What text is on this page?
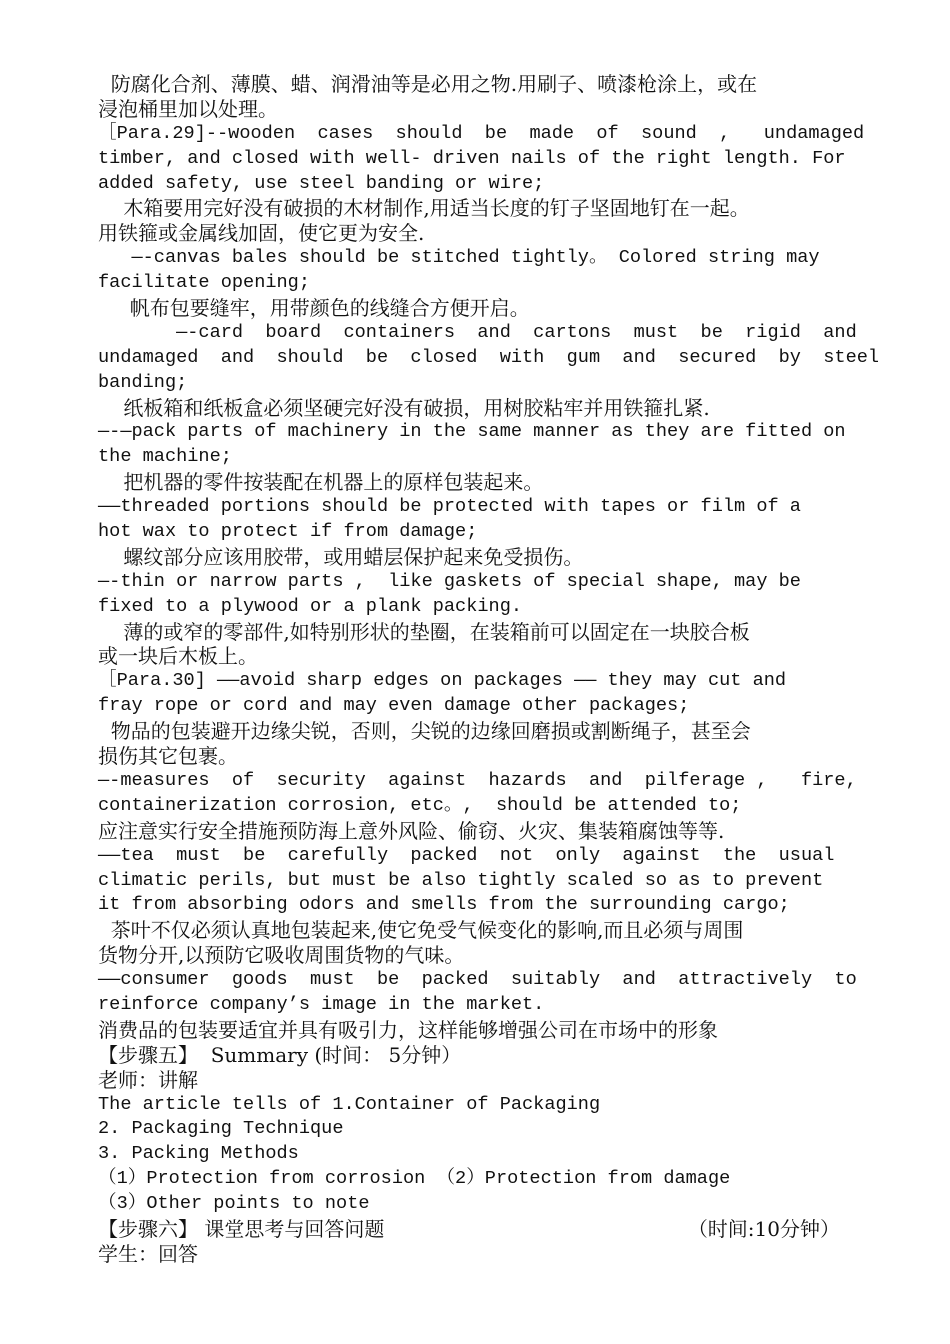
防腐化合剂、薄膜、蜡、润滑油等是必用之物.用刷子、喷漆枪涂上，或在
浸泡桶里加以处理。
［Para.29]--wooden  cases  should  be  made  of  sound  ,   undamaged
timber, and closed with well- driven nails of the right length. For
added safety, use steel banding or wire;
木箱要用完好没有破损的木材制作,用适当长度的钉子坚固地钉在一起。
用铁箍或金属线加固，使它更为安全.
—-canvas bales should be stitched tightly。 Colored string may
facilitate opening;
帆布包要缝牢，用带颜色的线缝合方便开启。
—-card  board  containers  and  cartons  must  be  rigid  and
undamaged  and  should  be  closed  with  gum  and  secured  by  steel
banding;
纸板箱和纸板盒必须坚硬完好没有破损，用树胶粘牢并用铁箍扎紧.
—-—pack parts of machinery in the same manner as they are fitted on
the machine;
把机器的零件按装配在机器上的原样包装起来。
——threaded portions should be protected with tapes or film of a
hot wax to protect if from damage;
螺纹部分应该用胶带，或用蜡层保护起来免受损伤。
—-thin or narrow parts ,  like gaskets of special shape, may be
fixed to a plywood or a plank packing.
薄的或窄的零部件,如特别形状的垫圈，在装箱前可以固定在一块胶合板
或一块后木板上。
［Para.30] ——avoid sharp edges on packages —— they may cut and
fray rope or cord and may even damage other packages;
物品的包装避开边缘尖锐，否则，尖锐的边缘回磨损或割断绳子，甚至会
损伤其它包裹。
—-measures  of  security  against  hazards  and  pilferage ,   fire,
containerization corrosion, etc。,  should be attended to;
应注意实行安全措施预防海上意外风险、偷窃、火灾、集装箱腐蚀等等.
——tea  must  be  carefully  packed  not  only  against  the  usual
climatic perils, but must be also tightly scaled so as to prevent
it from absorbing odors and smells from the surrounding cargo;
茶叶不仅必须认真地包装起来,使它免受气候变化的影响,而且必须与周围
货物分开,以预防它吸收周围货物的气味。
——consumer  goods  must  be  packed  suitably  and  attractively  to
reinforce company’s image in the market.
消费品的包装要适宜并具有吸引力，这样能够增强公司在市场中的形象
【步骤五】  Summary (时间： 5分钟）
老师：讲解
The article tells of 1.Container of Packaging
2. Packaging Technique
3. Packing Methods
（1）Protection from corrosion （2）Protection from damage
（3）Other points to note
【步骤六】 课堂思考与回答问题	（时间:10分钟）
学生：回答
